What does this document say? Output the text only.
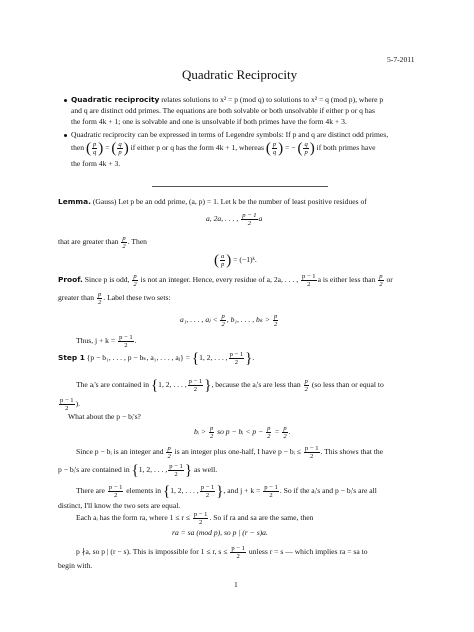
5-7-2011
Quadratic Reciprocity
Quadratic reciprocity relates solutions to x² = p (mod q) to solutions to x² = q (mod p), where p
and q are distinct odd primes. The equations are both solvable or both unsolvable if either p or q has
the form 4k + 1; one is solvable and one is unsolvable if both primes have the form 4k + 3.
Quadratic reciprocity can be expressed in terms of Legendre symbols: If p and q are distinct odd primes,
then ( $\frac{p}{q}$ ) = ( $\frac{q}{p}$ ) if either p or q has the form 4k + 1, whereas ( $\frac{p}{q}$ ) = − ( $\frac{q}{p}$ ) if both primes have
the form 4k + 3.
Lemma. (Gauss) Let p be an odd prime, (a, p) = 1. Let k be the number of least positive residues of
a, 2a, . . . , $\frac{p - 1}{2}$ a
that are greater than $\frac{p}{2}$ . Then
( $\frac{a}{p}$ ) = (−1)ᵏ.
Proof. Since p is odd, $\frac{p}{2}$ is not an integer. Hence, every residue of a, 2a, . . . , $\frac{p - 1}{2}$ a is either less than $\frac{p}{2}$ or
greater than $\frac{p}{2}$ . Label these two sets:
a₁, . . . , aⱼ < $\frac{p}{2}$ , b₁, . . . , $b_k > \frac{p}{2}$
Thus, $j + k = \frac{p - 1}{2}$ .
Step 1 {p − b₁, . . . , p − bₖ, a₁, . . . , aⱼ} = {1, 2, . . . , $\frac{p - 1}{2}$ }.
The aᵢ's are contained in {1, 2, . . . , $\frac{p - 1}{2}$ }, because the aᵢ's are less than $\frac{p}{2} (so$ less than or equal to
$\frac{p - 1}{2}$ ).
What about the p − bᵢ's?
bᵢ > $\frac{p}{2}$ so p − bᵢ < $p - \frac{p}{2} = \frac{p}{2}$ .
Since p − bᵢ is an integer and $\frac{p}{2}$ is an integer plus one-half, I have p − bᵢ ≤ $\frac{p - 1}{2}$ . This shows that the
p − bᵢ's are contained in {1, 2, . . . , $\frac{p - 1}{2}$ } as well.
There are $\frac{p - 1}{2}$ elements in {1, 2, . . . , $\frac{p - 1}{2}$ }, and $j + k = \frac{p - 1}{2}$ . So if the aᵢ's and p − bᵢ's are all
distinct, I'll know the two sets are equal.
Each aᵢ has the form ra, where $1 \le r \le \frac{p - 1}{2}$ . So if ra and sa are the same, then
ra = sa (mod p), so p | (r − s)a.
p ∤a, so p | (r − s). This is impossible for 1 ≤ r, $s \le \frac{p - 1}{2}$ unless r = s — which implies ra = sa to
begin with.
1
